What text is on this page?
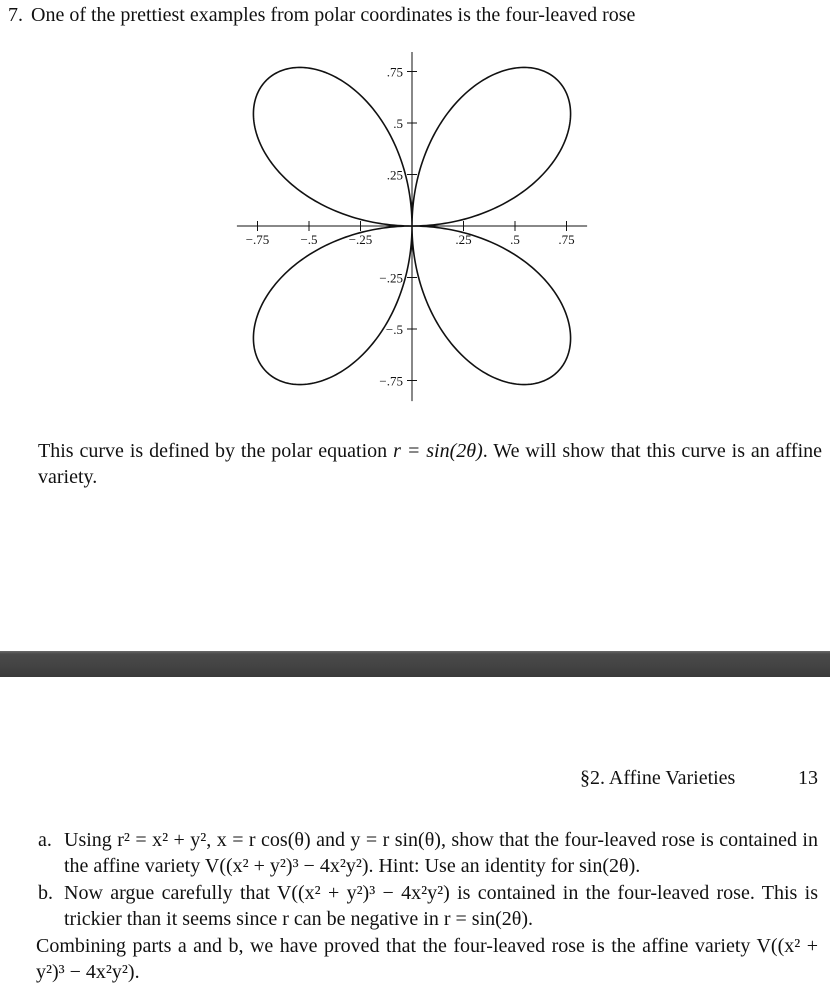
7. One of the prettiest examples from polar coordinates is the four-leaved rose
−.75 −.5 −.25	.25	.5	.75
.75
.5
.25
−.25
−.5
−.75
This curve is defined by the polar equation r = sin(2θ). We will show that this curve is an affine variety.
§2. Affine Varieties	13
a. Using r² = x² + y², x = r cos(θ) and y = r sin(θ), show that the four-leaved rose is contained in the affine variety V((x² + y²)³ − 4x²y²). Hint: Use an identity for sin(2θ).
b. Now argue carefully that V((x² + y²)³ − 4x²y²) is contained in the four-leaved rose. This is trickier than it seems since r can be negative in r = sin(2θ).
Combining parts a and b, we have proved that the four-leaved rose is the affine variety V((x² + y²)³ − 4x²y²).
